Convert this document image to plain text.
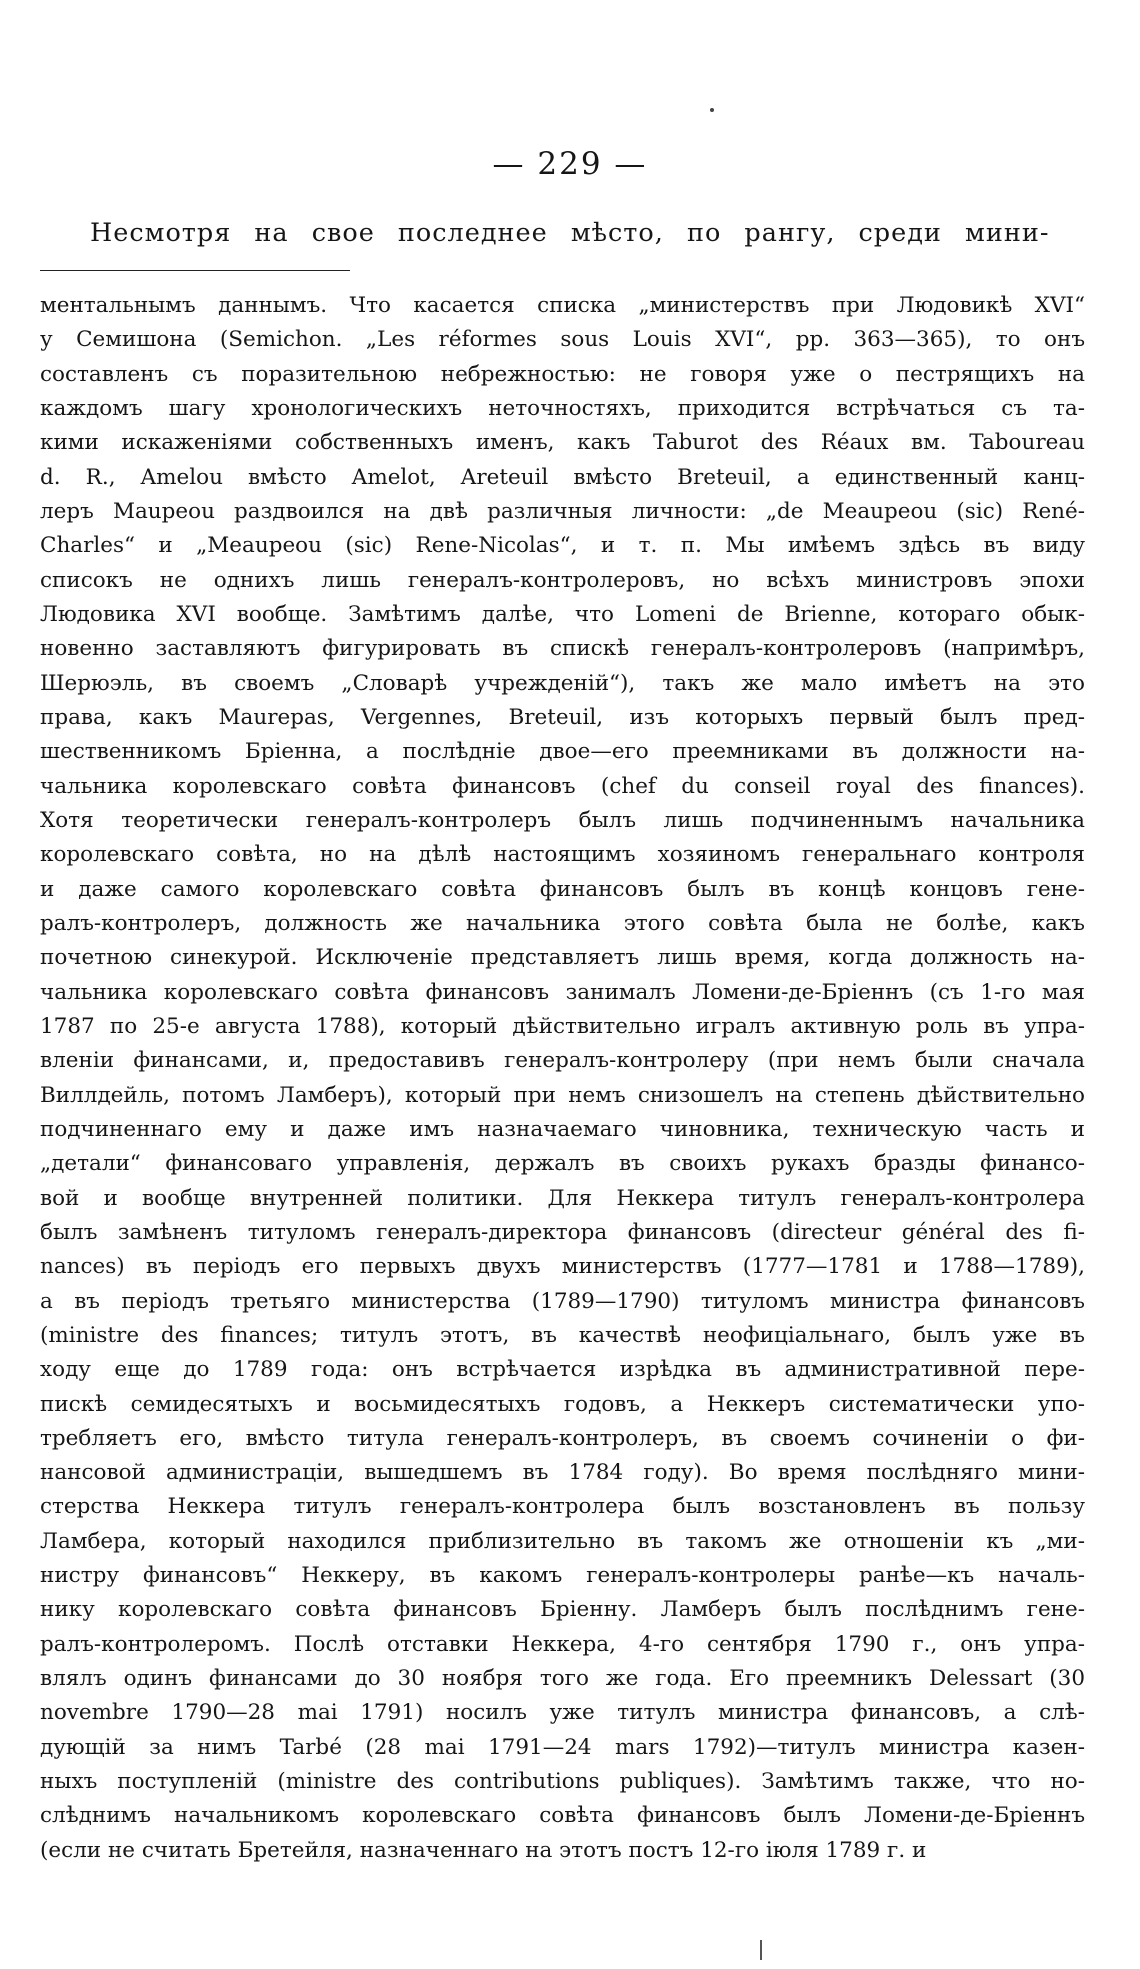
— 229 —
Несмотря на свое последнее мѣсто, по рангу, среди мини-
ментальнымъ даннымъ. Что касается списка „министерствъ при Людовикѣ XVI“
у Семишона (Semichon. „Les réformes sous Louis XVI“, pp. 363—365), то онъ
составленъ съ поразительною небрежностью: не говоря уже о пестрящихъ на
каждомъ шагу хронологическихъ неточностяхъ, приходится встрѣчаться съ та-
кими искаженіями собственныхъ именъ, какъ Taburot des Réaux вм. Taboureau
d. R., Amelou вмѣсто Amelot, Areteuil вмѣсто Breteuil, а единственный канц-
леръ Maupeou раздвоился на двѣ различныя личности: „de Meaupeou (sic) René-
Charles“ и „Meaupeou (sic) Rene-Nicolas“, и т. п. Мы имѣемъ здѣсь въ виду
списокъ не однихъ лишь генералъ-контролеровъ, но всѣхъ министровъ эпохи
Людовика XVI вообще. Замѣтимъ далѣе, что Lomeni de Brienne, котораго обык-
новенно заставляютъ фигурировать въ спискѣ генералъ-контролеровъ (напримѣръ,
Шерюэль, въ своемъ „Словарѣ учрежденій“), такъ же мало имѣетъ на это
права, какъ Maurepas, Vergennes, Breteuil, изъ которыхъ первый былъ пред-
шественникомъ Бріенна, а послѣдніе двое—его преемниками въ должности на-
чальника королевскаго совѣта финансовъ (chef du conseil royal des finances).
Хотя теоретически генералъ-контролеръ былъ лишь подчиненнымъ начальника
королевскаго совѣта, но на дѣлѣ настоящимъ хозяиномъ генеральнаго контроля
и даже самого королевскаго совѣта финансовъ былъ въ концѣ концовъ гене-
ралъ-контролеръ, должность же начальника этого совѣта была не болѣе, какъ
почетною синекурой. Исключеніе представляетъ лишь время, когда должность на-
чальника королевскаго совѣта финансовъ занималъ Ломени-де-Бріеннъ (съ 1-го мая
1787 по 25-е августа 1788), который дѣйствительно игралъ активную роль въ упра-
вленіи финансами, и, предоставивъ генералъ-контролеру (при немъ были сначала
Виллдейль, потомъ Ламберъ), который при немъ снизошелъ на степень дѣйствительно
подчиненнаго ему и даже имъ назначаемаго чиновника, техническую часть и
„детали“ финансоваго управленія, держалъ въ своихъ рукахъ бразды финансо-
вой и вообще внутренней политики. Для Неккера титулъ генералъ-контролера
былъ замѣненъ титуломъ генералъ-директора финансовъ (directeur général des fi-
nances) въ періодъ его первыхъ двухъ министерствъ (1777—1781 и 1788—1789),
а въ періодъ третьяго министерства (1789—1790) титуломъ министра финансовъ
(ministre des finances; титулъ этотъ, въ качествѣ неофиціальнаго, былъ уже въ
ходу еще до 1789 года: онъ встрѣчается изрѣдка въ административной пере-
пискѣ семидесятыхъ и восьмидесятыхъ годовъ, а Неккеръ систематически упо-
требляетъ его, вмѣсто титула генералъ-контролеръ, въ своемъ сочиненіи о фи-
нансовой администраціи, вышедшемъ въ 1784 году). Во время послѣдняго мини-
стерства Неккера титулъ генералъ-контролера былъ возстановленъ въ пользу
Ламбера, который находился приблизительно въ такомъ же отношеніи къ „ми-
нистру финансовъ“ Неккеру, въ какомъ генералъ-контролеры ранѣе—къ началь-
нику королевскаго совѣта финансовъ Бріенну. Ламберъ былъ послѣднимъ гене-
ралъ-контролеромъ. Послѣ отставки Неккера, 4-го сентября 1790 г., онъ упра-
влялъ одинъ финансами до 30 ноября того же года. Его преемникъ Delessart (30
novembre 1790—28 mai 1791) носилъ уже титулъ министра финансовъ, а слѣ-
дующій за нимъ Tarbé (28 mai 1791—24 mars 1792)—титулъ министра казен-
ныхъ поступленій (ministre des contributions publiques). Замѣтимъ также, что но-
слѣднимъ начальникомъ королевскаго совѣта финансовъ былъ Ломени-де-Бріеннъ
(если не считать Бретейля, назначеннаго на этотъ постъ 12-го іюля 1789 г. и
